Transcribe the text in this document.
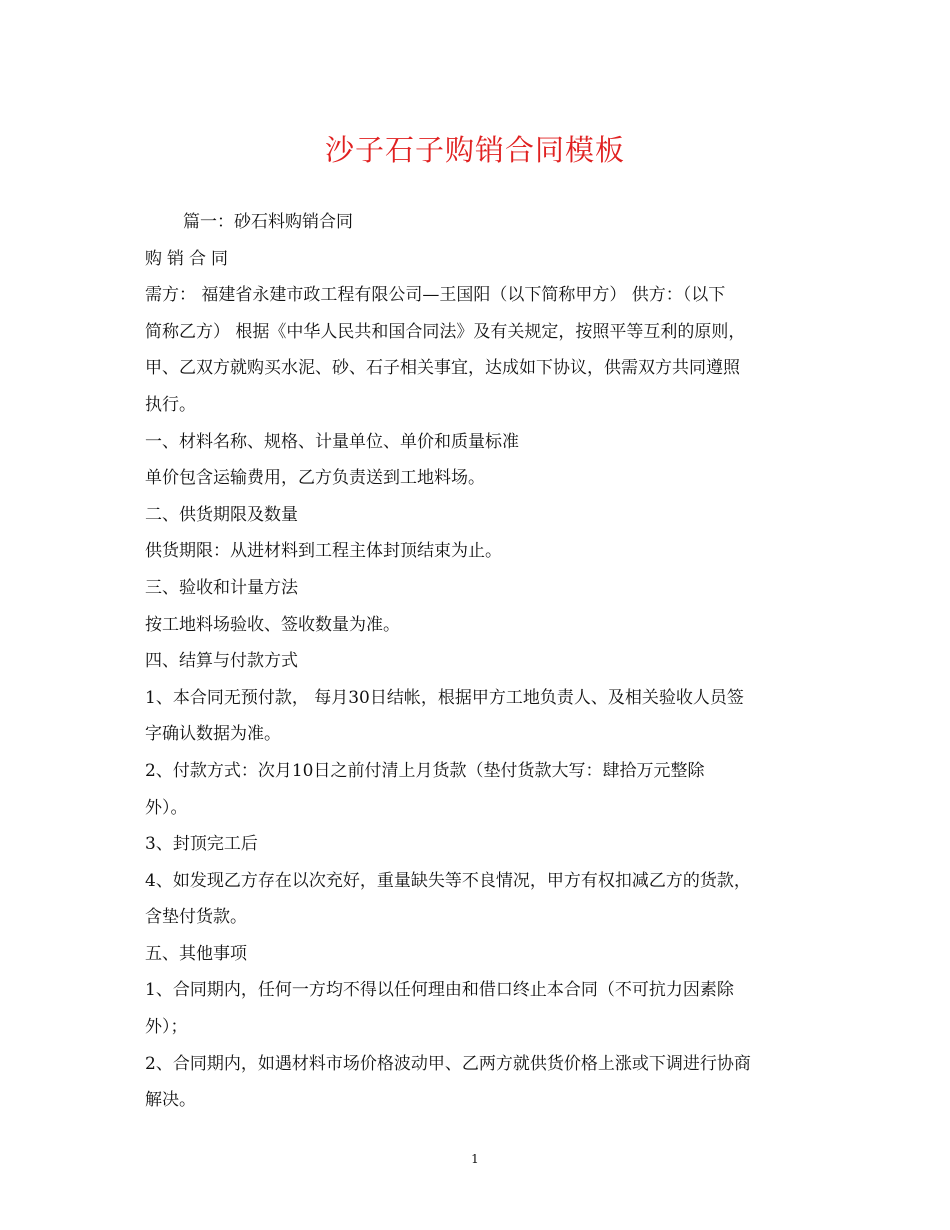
沙子石子购销合同模板

篇一：砂石料购销合同

购销合同

需方： 福建省永建市政工程有限公司—王国阳（以下简称甲方） 供方：（以下

简称乙方） 根据《中华人民共和国合同法》及有关规定，按照平等互利的原则，

甲、乙双方就购买水泥、砂、石子相关事宜，达成如下协议，供需双方共同遵照

执行。

一、材料名称、规格、计量单位、单价和质量标准

单价包含运输费用，乙方负责送到工地料场。

二、供货期限及数量

供货期限：从进材料到工程主体封顶结束为止。

三、验收和计量方法

按工地料场验收、签收数量为准。

四、结算与付款方式

1、本合同无预付款， 每月30日结帐，根据甲方工地负责人、及相关验收人员签

字确认数据为准。

2、付款方式：次月10日之前付清上月货款（垫付货款大写：肆拾万元整除

外）。

3、封顶完工后

4、如发现乙方存在以次充好，重量缺失等不良情况，甲方有权扣减乙方的货款，

含垫付货款。

五、其他事项

1、合同期内，任何一方均不得以任何理由和借口终止本合同（不可抗力因素除

外）；

2、合同期内，如遇材料市场价格波动甲、乙两方就供货价格上涨或下调进行协商

解决。

1
